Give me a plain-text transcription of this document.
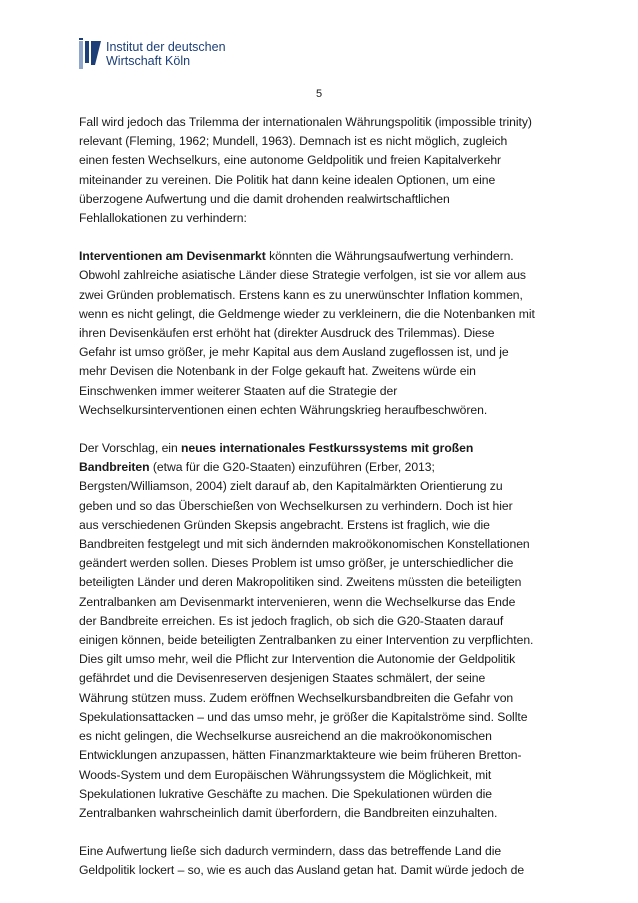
Institut der deutschen
Wirtschaft Köln
5

Fall wird jedoch das Trilemma der internationalen Währungspolitik (impossible trinity)
relevant (Fleming, 1962; Mundell, 1963). Demnach ist es nicht möglich, zugleich
einen festen Wechselkurs, eine autonome Geldpolitik und freien Kapitalverkehr
miteinander zu vereinen. Die Politik hat dann keine idealen Optionen, um eine
überzogene Aufwertung und die damit drohenden realwirtschaftlichen
Fehlallokationen zu verhindern:

Interventionen am Devisenmarkt könnten die Währungsaufwertung verhindern.
Obwohl zahlreiche asiatische Länder diese Strategie verfolgen, ist sie vor allem aus
zwei Gründen problematisch. Erstens kann es zu unerwünschter Inflation kommen,
wenn es nicht gelingt, die Geldmenge wieder zu verkleinern, die die Notenbanken mit
ihren Devisenkäufen erst erhöht hat (direkter Ausdruck des Trilemmas). Diese
Gefahr ist umso größer, je mehr Kapital aus dem Ausland zugeflossen ist, und je
mehr Devisen die Notenbank in der Folge gekauft hat. Zweitens würde ein
Einschwenken immer weiterer Staaten auf die Strategie der
Wechselkursinterventionen einen echten Währungskrieg heraufbeschwören.

Der Vorschlag, ein neues internationales Festkurssystems mit großen
Bandbreiten (etwa für die G20-Staaten) einzuführen (Erber, 2013;
Bergsten/Williamson, 2004) zielt darauf ab, den Kapitalmärkten Orientierung zu
geben und so das Überschießen von Wechselkursen zu verhindern. Doch ist hier
aus verschiedenen Gründen Skepsis angebracht. Erstens ist fraglich, wie die
Bandbreiten festgelegt und mit sich ändernden makroökonomischen Konstellationen
geändert werden sollen. Dieses Problem ist umso größer, je unterschiedlicher die
beteiligten Länder und deren Makropolitiken sind. Zweitens müssten die beteiligten
Zentralbanken am Devisenmarkt intervenieren, wenn die Wechselkurse das Ende
der Bandbreite erreichen. Es ist jedoch fraglich, ob sich die G20-Staaten darauf
einigen können, beide beteiligten Zentralbanken zu einer Intervention zu verpflichten.
Dies gilt umso mehr, weil die Pflicht zur Intervention die Autonomie der Geldpolitik
gefährdet und die Devisenreserven desjenigen Staates schmälert, der seine
Währung stützen muss. Zudem eröffnen Wechselkursbandbreiten die Gefahr von
Spekulationsattacken – und das umso mehr, je größer die Kapitalströme sind. Sollte
es nicht gelingen, die Wechselkurse ausreichend an die makroökonomischen
Entwicklungen anzupassen, hätten Finanzmarktakteure wie beim früheren Bretton-
Woods-System und dem Europäischen Währungssystem die Möglichkeit, mit
Spekulationen lukrative Geschäfte zu machen. Die Spekulationen würden die
Zentralbanken wahrscheinlich damit überfordern, die Bandbreiten einzuhalten.

Eine Aufwertung ließe sich dadurch vermindern, dass das betreffende Land die
Geldpolitik lockert – so, wie es auch das Ausland getan hat. Damit würde jedoch de
